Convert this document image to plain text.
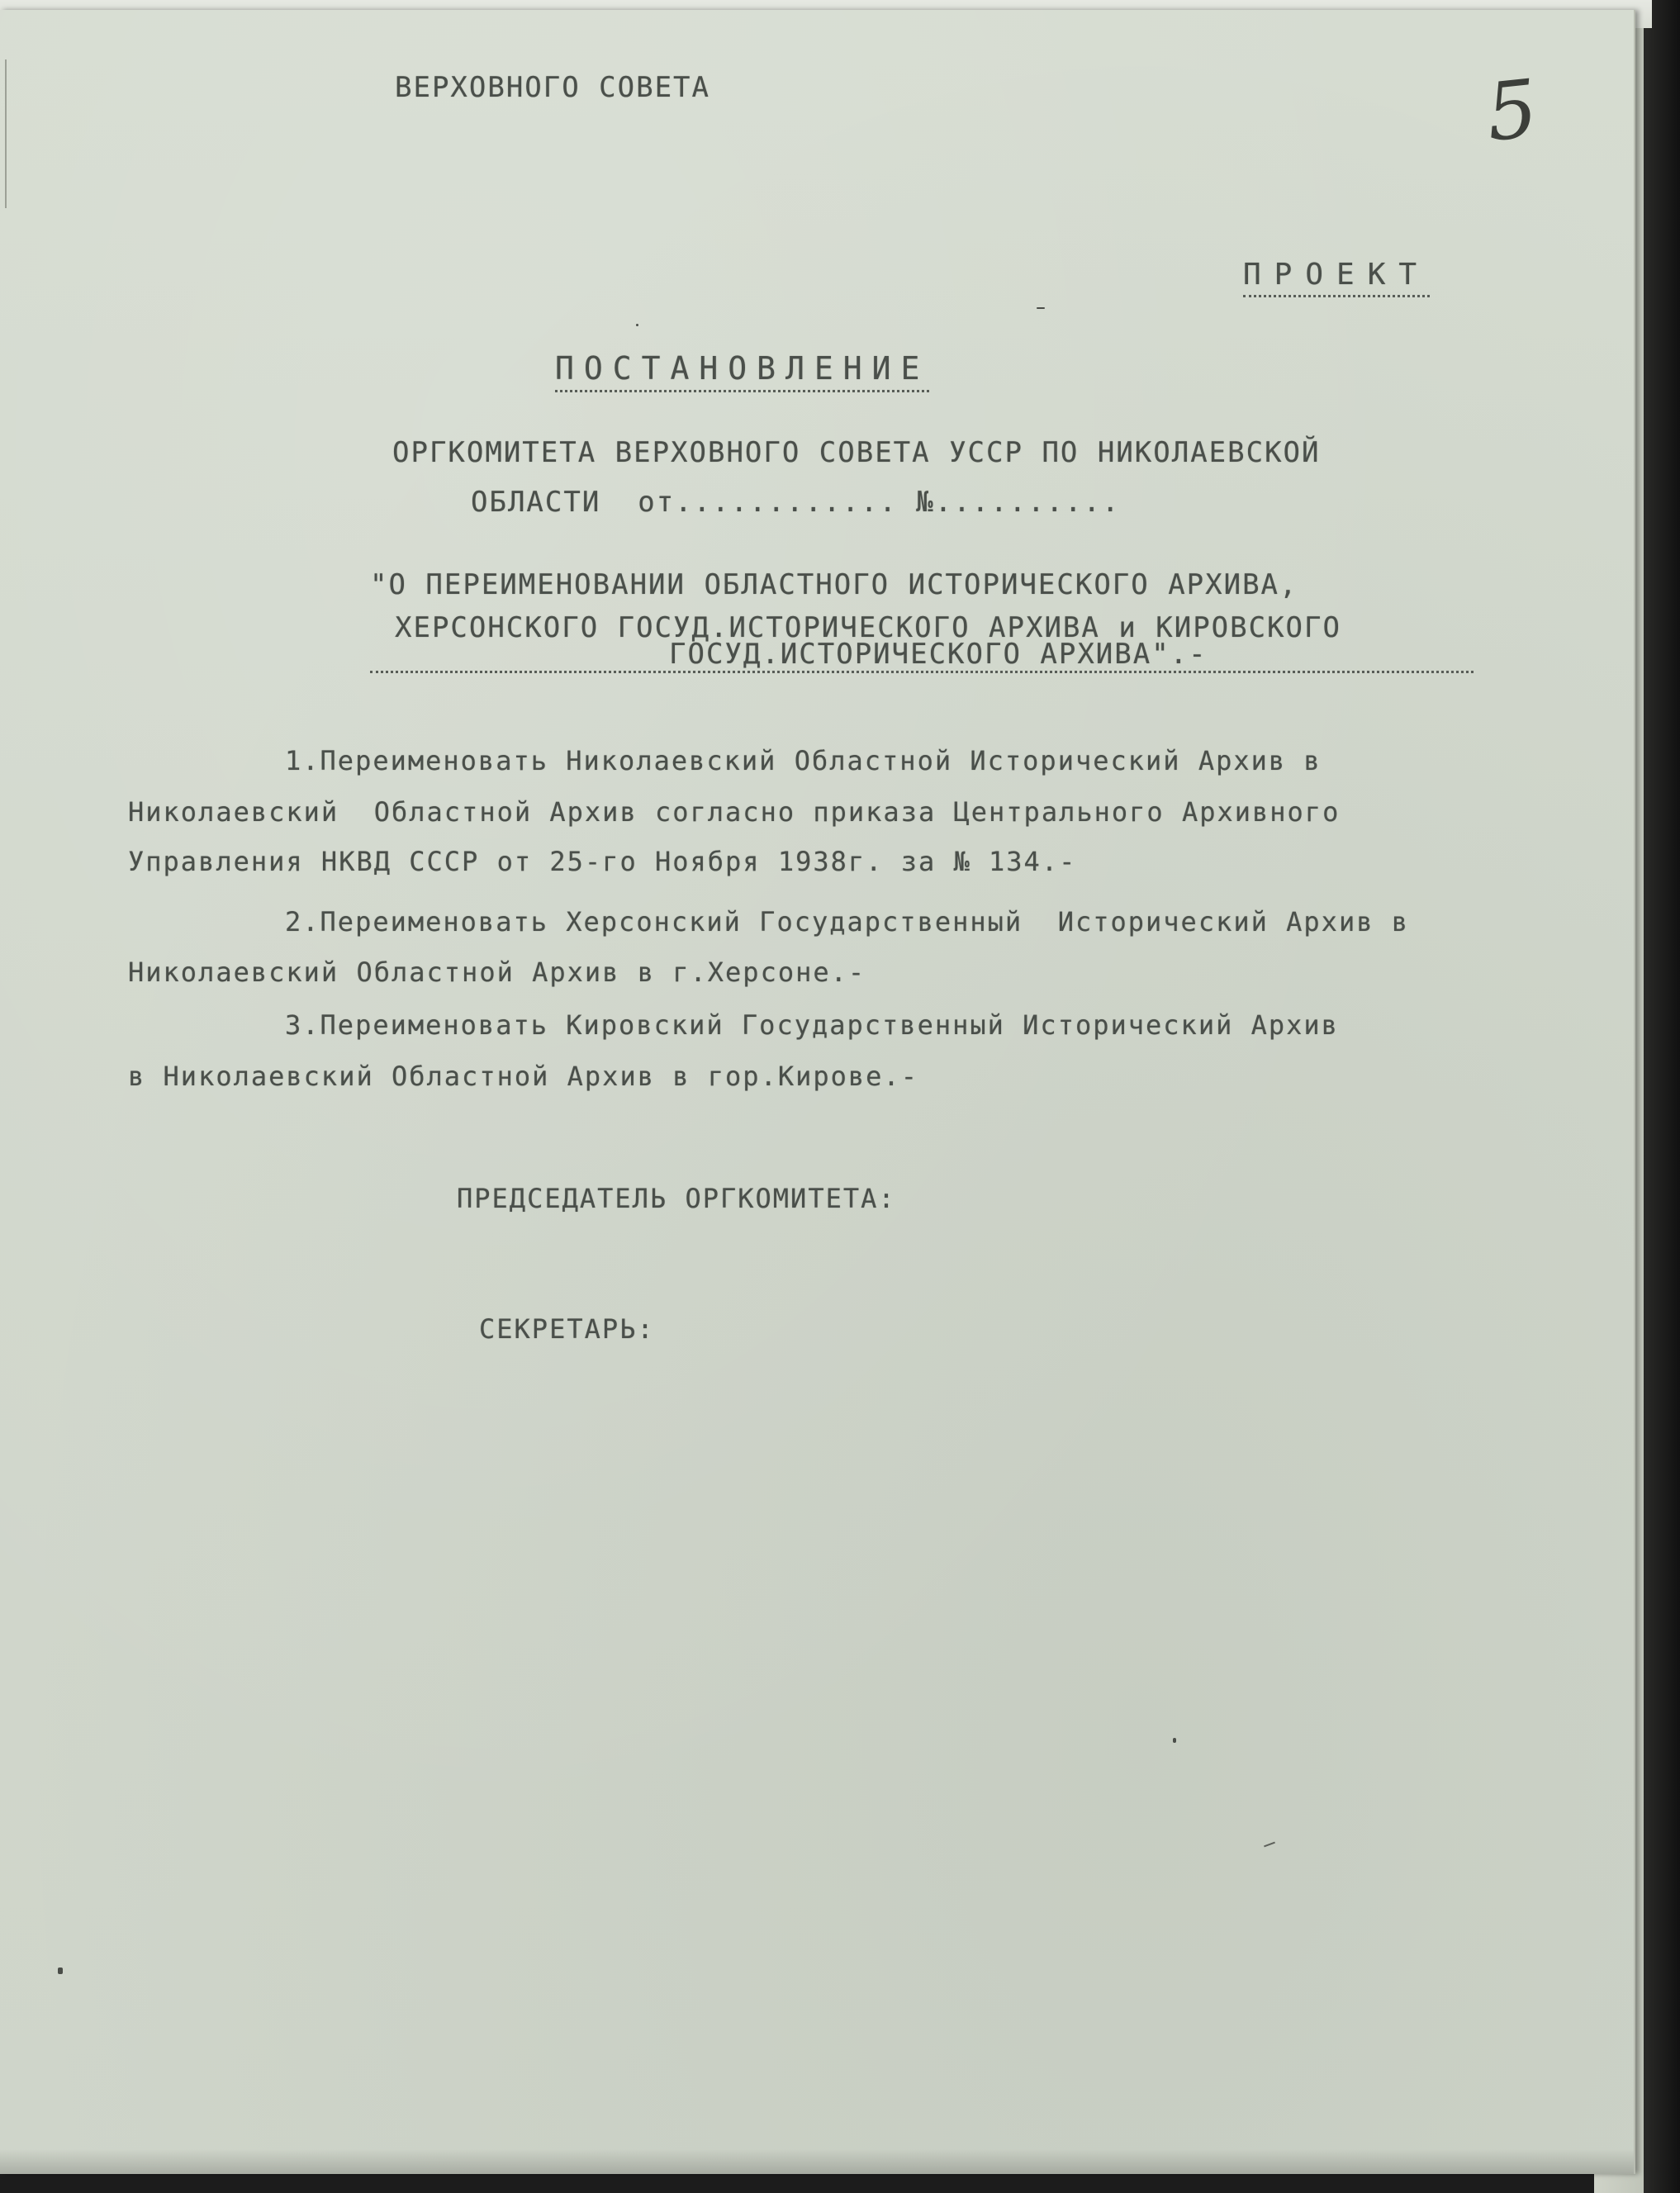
ВЕРХОВНОГО СОВЕТА	5
ПРОЕКТ
ПОСТАНОВЛЕНИЕ
ОРГКОМИТЕТА ВЕРХОВНОГО СОВЕТА УССР ПО НИКОЛАЕВСКОЙ
ОБЛАСТИ  от............ №..........
"О ПЕРЕИМЕНОВАНИИ ОБЛАСТНОГО ИСТОРИЧЕСКОГО АРХИВА,
ХЕРСОНСКОГО ГОСУД.ИСТОРИЧЕСКОГО АРХИВА и КИРОВСКОГО
ГОСУД.ИСТОРИЧЕСКОГО АРХИВА".-
1.Переименовать Николаевский Областной Исторический Архив в
Николаевский  Областной Архив согласно приказа Центрального Архивного
Управления НКВД СССР от 25-го Ноября 1938г. за № 134.-
2.Переименовать Херсонский Государственный  Исторический Архив в
Николаевский Областной Архив в г.Херсоне.-
3.Переименовать Кировский Государственный Исторический Архив
в Николаевский Областной Архив в гор.Кирове.-
ПРЕДСЕДАТЕЛЬ ОРГКОМИТЕТА:
СЕКРЕТАРЬ:
